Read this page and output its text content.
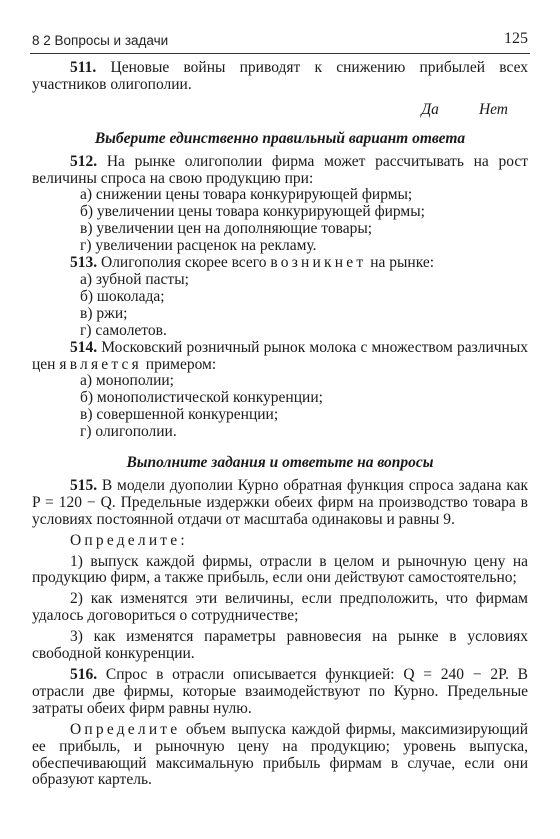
8 2 Вопросы и задачи	125

511. Ценовые войны приводят к снижению прибылей всех участников олигополии.

Да	Нет

Выберите единственно правильный вариант ответа

512. На рынке олигополии фирма может рассчитывать на рост величины спроса на свою продукцию при:

а) снижении цены товара конкурирующей фирмы;

б) увеличении цены товара конкурирующей фирмы;

в) увеличении цен на дополняющие товары;

г) увеличении расценок на рекламу.

513. Олигополия скорее всего возникнет на рынке:

а) зубной пасты;

б) шоколада;

в) ржи;

г) самолетов.

514. Московский розничный рынок молока с множеством различных цен является примером:

а) монополии;

б) монополистической конкуренции;

в) совершенной конкуренции;

г) олигополии.

Выполните задания и ответьте на вопросы

515. В модели дуополии Курно обратная функция спроса задана как P = 120 − Q. Предельные издержки обеих фирм на производство товара в условиях постоянной отдачи от масштаба одинаковы и равны 9.

Определите:

1) выпуск каждой фирмы, отрасли в целом и рыночную цену на продукцию фирм, а также прибыль, если они действуют самостоятельно;

2) как изменятся эти величины, если предположить, что фирмам удалось договориться о сотрудничестве;

3) как изменятся параметры равновесия на рынке в условиях свободной конкуренции.

516. Спрос в отрасли описывается функцией: Q = 240 − 2P. В отрасли две фирмы, которые взаимодействуют по Курно. Предельные затраты обеих фирм равны нулю.

Определите объем выпуска каждой фирмы, максимизирующий ее прибыль, и рыночную цену на продукцию; уровень выпуска, обеспечивающий максимальную прибыль фирмам в случае, если они образуют картель.
